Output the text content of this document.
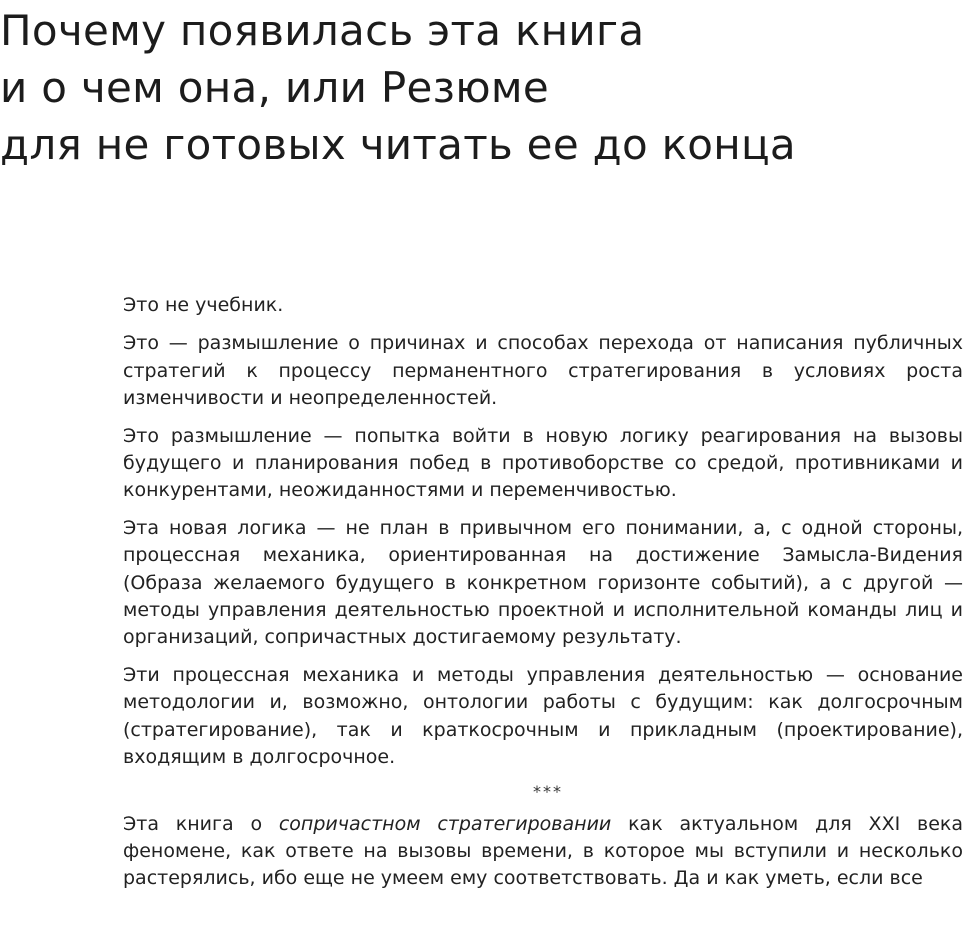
Почему появилась эта книга
и о чем она, или Резюме
для не готовых читать ее до конца

Это не учебник.

Это — размышление о причинах и способах перехода от написания публичных стратегий к процессу перманентного стратегирования в условиях роста изменчивости и неопределенностей.

Это размышление — попытка войти в новую логику реагирования на вызовы будущего и планирования побед в противоборстве со средой, противниками и конкурентами, неожиданностями и переменчивостью.

Эта новая логика — не план в привычном его понимании, а, с одной стороны, процессная механика, ориентированная на достижение Замысла-Видения (Образа желаемого будущего в конкретном горизонте событий), а с другой — методы управления деятельностью проектной и исполнительной команды лиц и организаций, сопричастных достигаемому результату.

Эти процессная механика и методы управления деятельностью — основание методологии и, возможно, онтологии работы с будущим: как долгосрочным (стратегирование), так и краткосрочным и прикладным (проектирование), входящим в долгосрочное.

***

Эта книга о сопричастном стратегировании как актуальном для XXI века феномене, как ответе на вызовы времени, в которое мы вступили и несколько растерялись, ибо еще не умеем ему соответствовать. Да и как уметь, если все
